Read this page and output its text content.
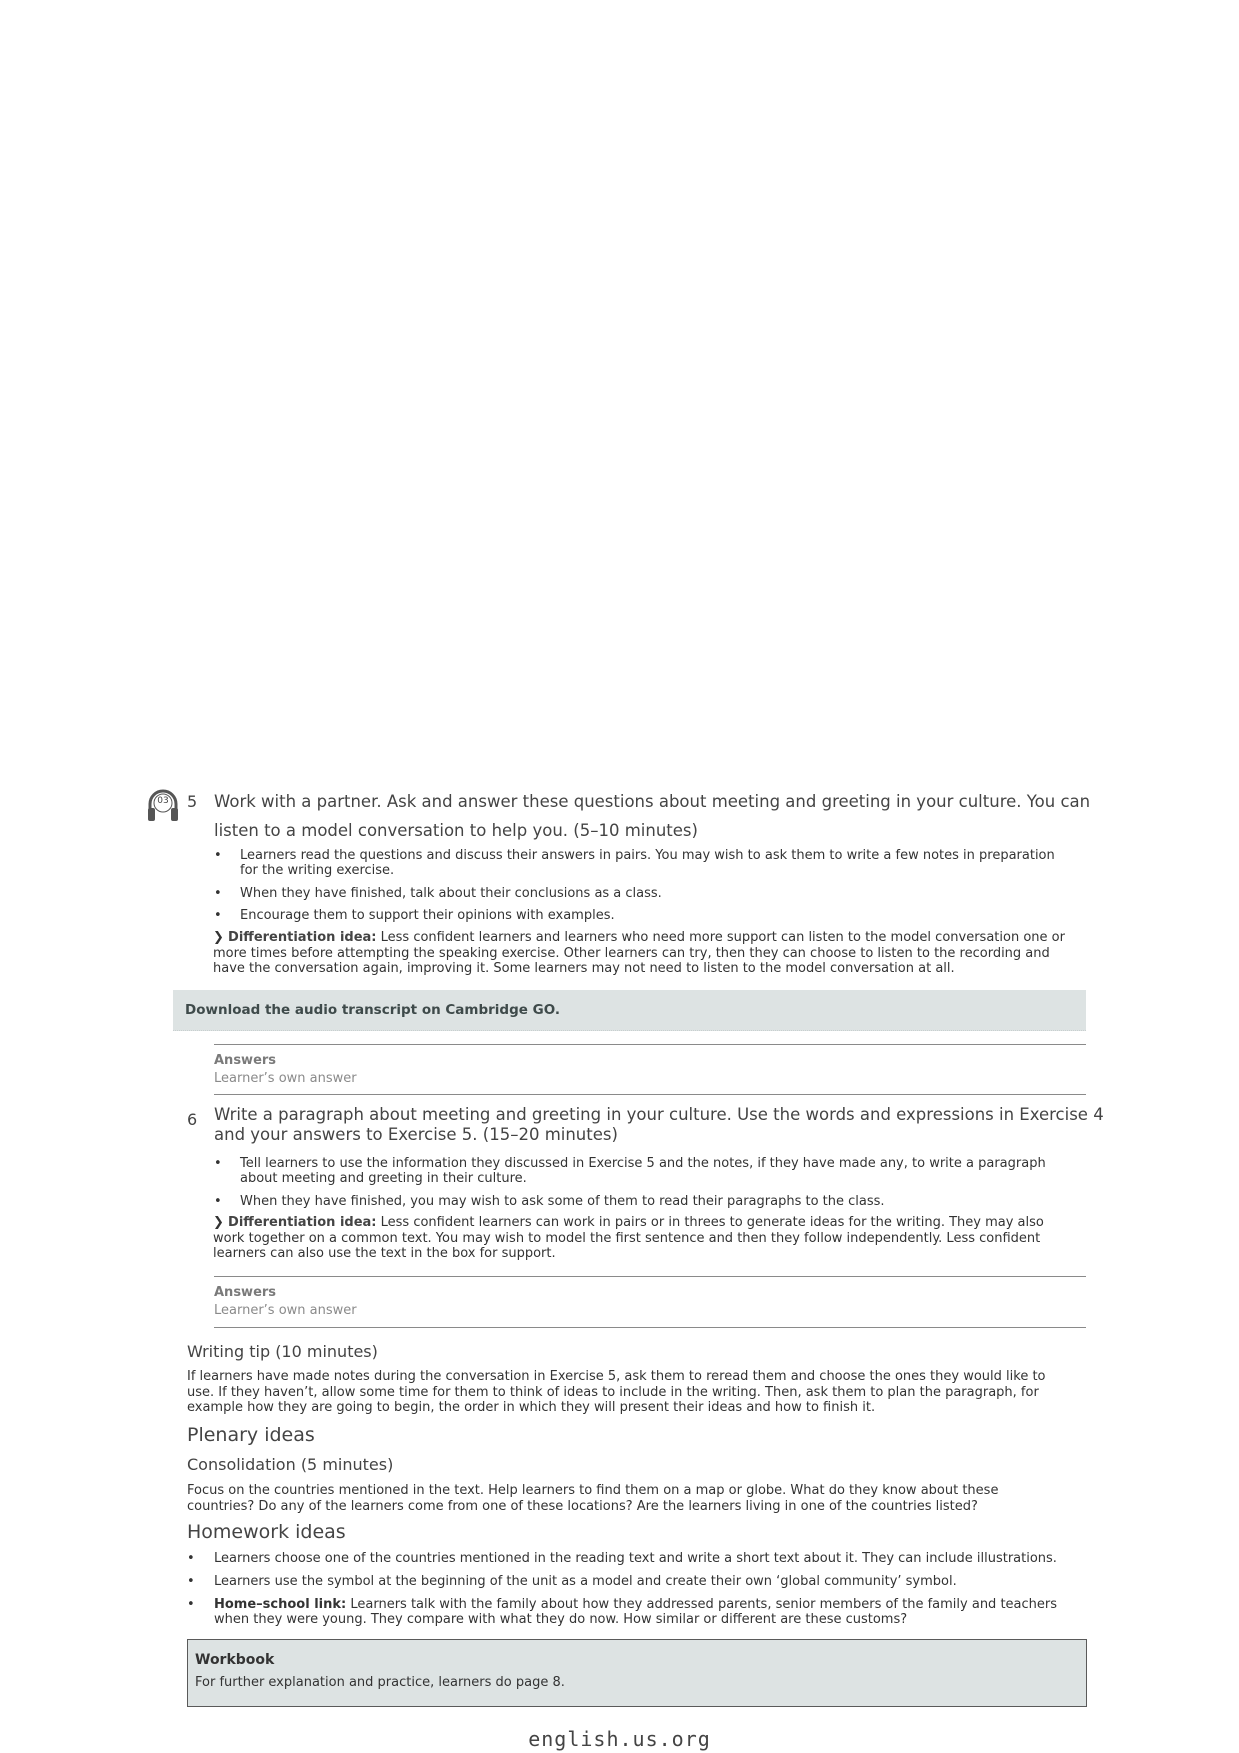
03 5 Work with a partner. Ask and answer these questions about meeting and greeting in your culture. You can
listen to a model conversation to help you. (5–10 minutes)
• Learners read the questions and discuss their answers in pairs. You may wish to ask them to write a few notes in preparation
for the writing exercise.
• When they have finished, talk about their conclusions as a class.
• Encourage them to support their opinions with examples.
❯ Differentiation idea: Less confident learners and learners who need more support can listen to the model conversation one or
more times before attempting the speaking exercise. Other learners can try, then they can choose to listen to the recording and
have the conversation again, improving it. Some learners may not need to listen to the model conversation at all.
Download the audio transcript on Cambridge GO.
Answers
Learner’s own answer
6 Write a paragraph about meeting and greeting in your culture. Use the words and expressions in Exercise 4
and your answers to Exercise 5. (15–20 minutes)
• Tell learners to use the information they discussed in Exercise 5 and the notes, if they have made any, to write a paragraph
about meeting and greeting in their culture.
• When they have finished, you may wish to ask some of them to read their paragraphs to the class.
❯ Differentiation idea: Less confident learners can work in pairs or in threes to generate ideas for the writing. They may also
work together on a common text. You may wish to model the first sentence and then they follow independently. Less confident
learners can also use the text in the box for support.
Answers
Learner’s own answer
Writing tip (10 minutes)
If learners have made notes during the conversation in Exercise 5, ask them to reread them and choose the ones they would like to
use. If they haven’t, allow some time for them to think of ideas to include in the writing. Then, ask them to plan the paragraph, for
example how they are going to begin, the order in which they will present their ideas and how to finish it.
Plenary ideas
Consolidation (5 minutes)
Focus on the countries mentioned in the text. Help learners to find them on a map or globe. What do they know about these
countries? Do any of the learners come from one of these locations? Are the learners living in one of the countries listed?
Homework ideas
• Learners choose one of the countries mentioned in the reading text and write a short text about it. They can include illustrations.
• Learners use the symbol at the beginning of the unit as a model and create their own ‘global community’ symbol.
• Home–school link: Learners talk with the family about how they addressed parents, senior members of the family and teachers
when they were young. They compare with what they do now. How similar or different are these customs?
Workbook
For further explanation and practice, learners do page 8.
english.us.org
